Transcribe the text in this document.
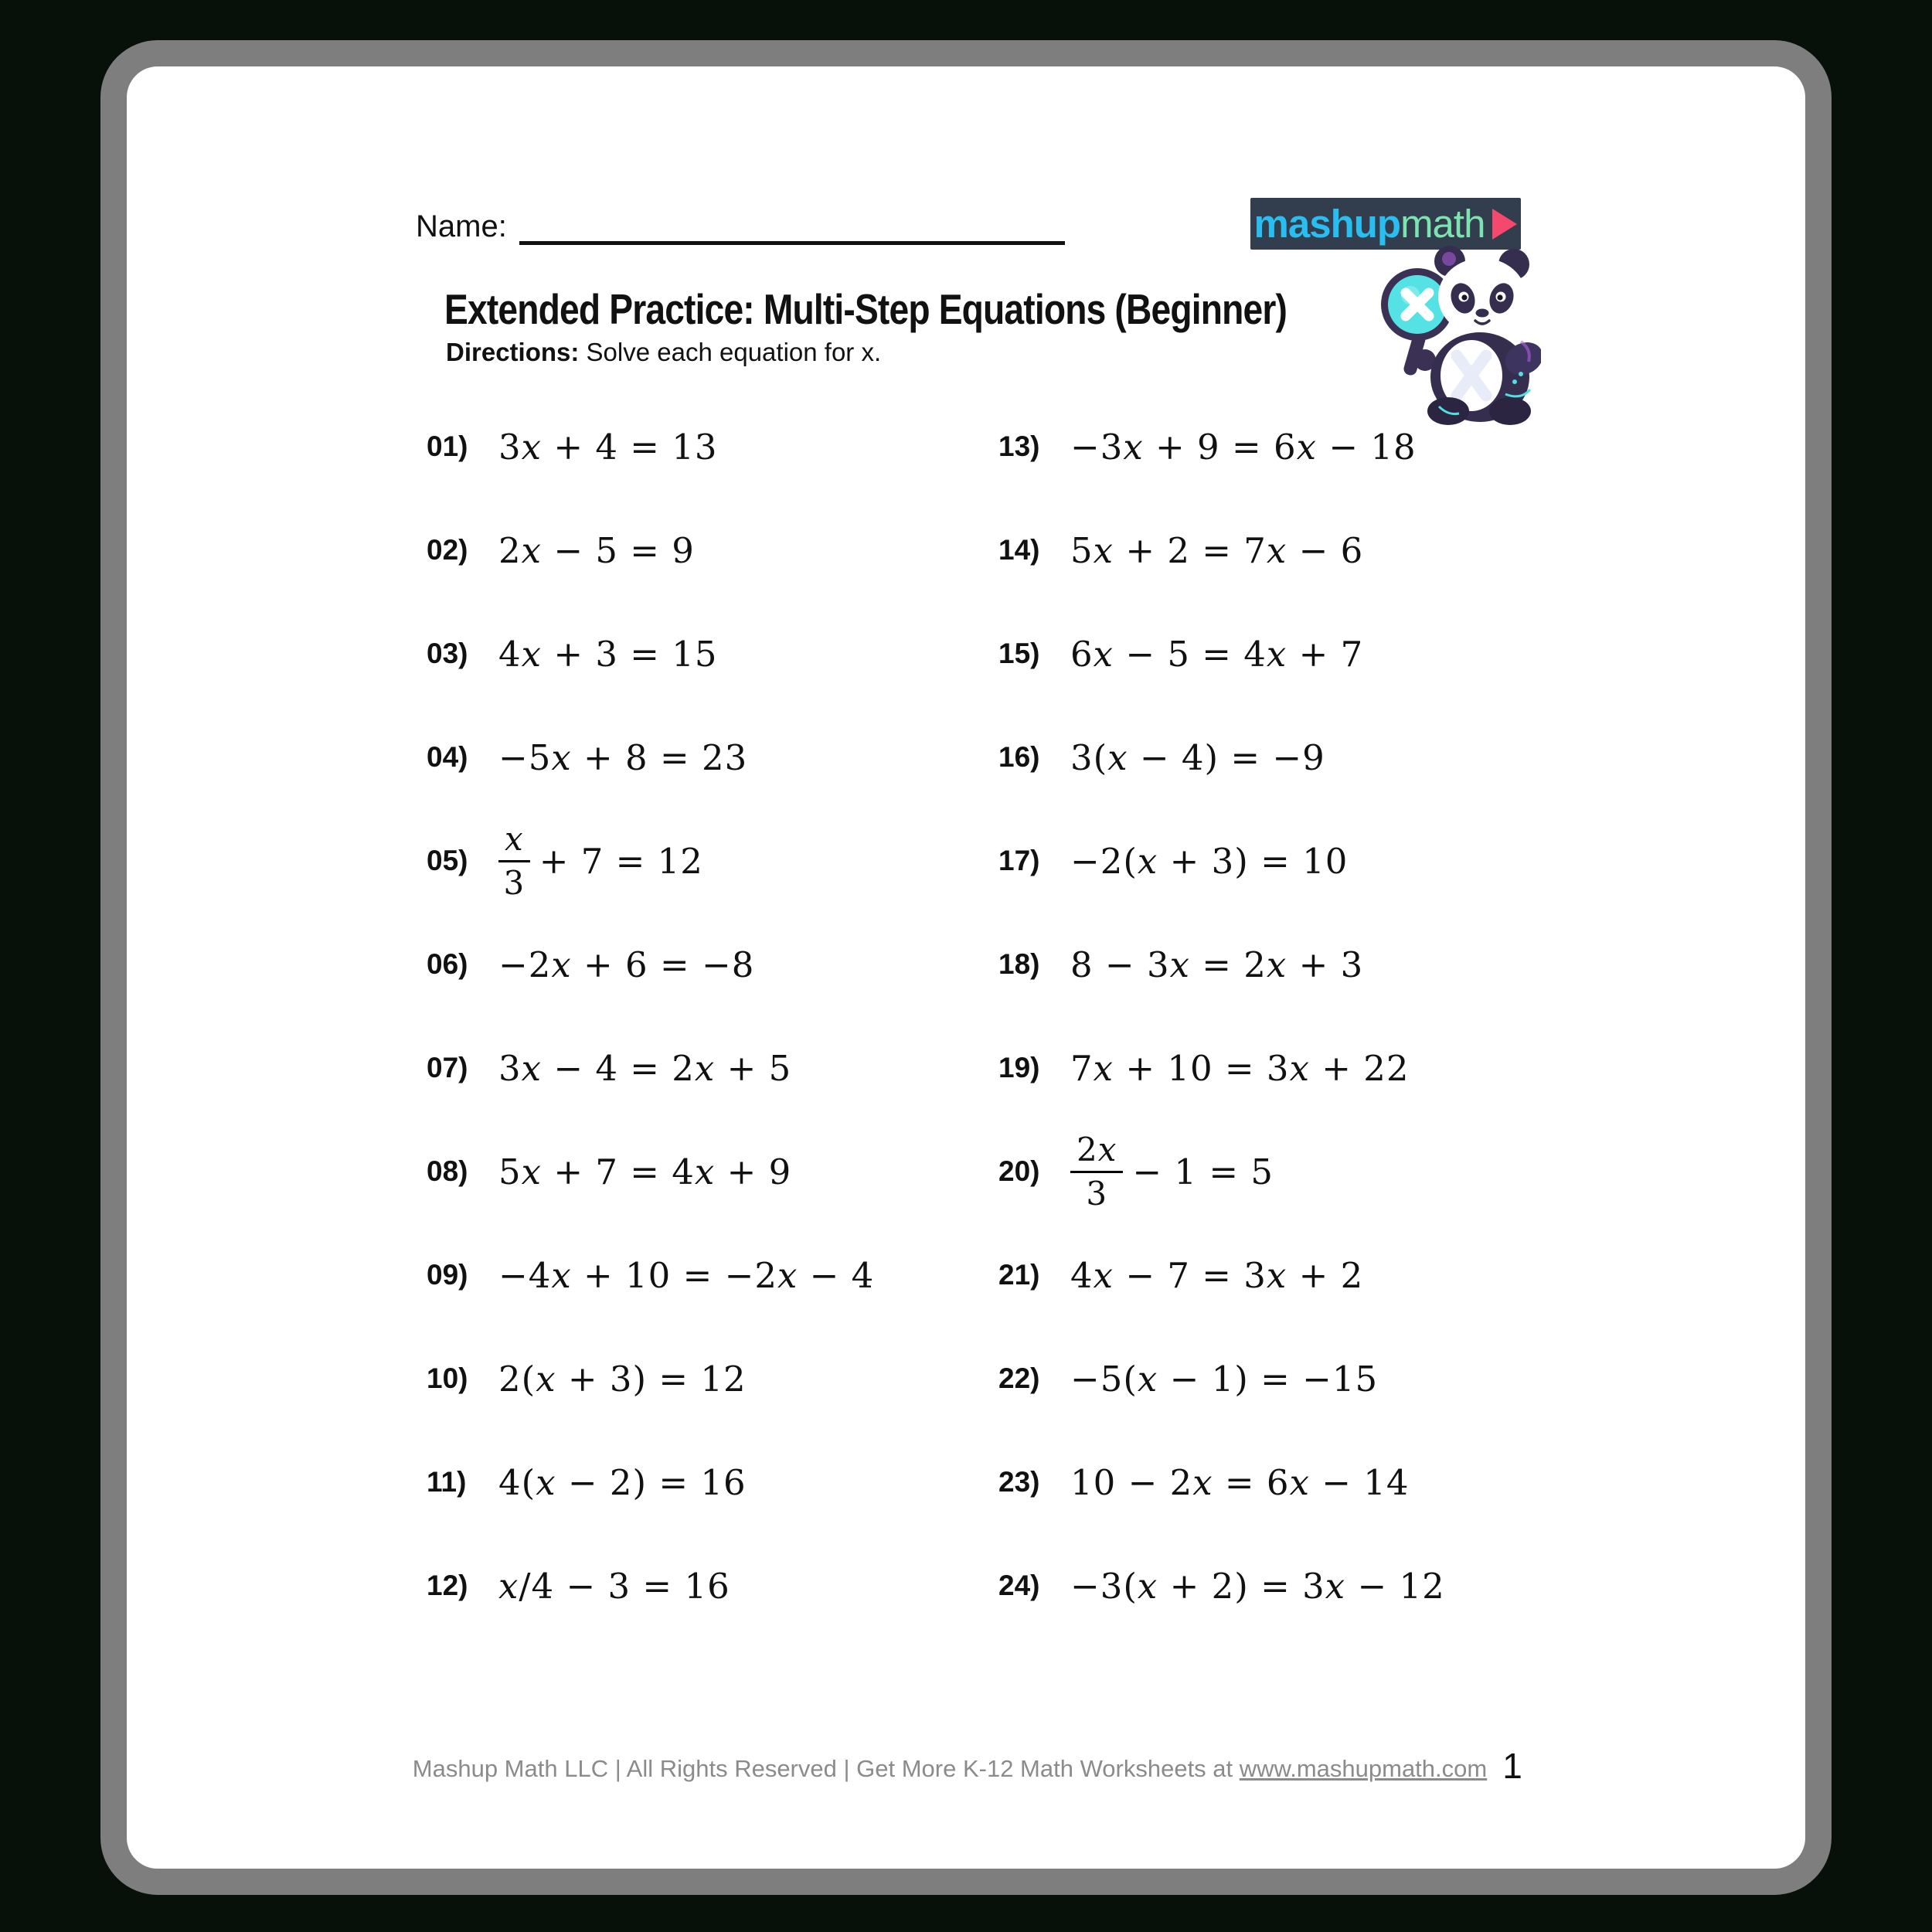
Name:	mashup math
Extended Practice: Multi-Step Equations (Beginner)
Directions: Solve each equation for x.
01) 3x + 4 = 13
02) 2x − 5 = 9
03) 4x + 3 = 15
04) −5x + 8 = 23
$05) \frac{x}{3} + 7 = 12$
06) −2x + 6 = −8
07) 3x − 4 = 2x + 5
08) 5x + 7 = 4x + 9
09) −4x + 10 = −2x − 4
10) 2(x + 3) = 12
11) 4(x − 2) = 16
12) x/4 − 3 = 16
13) −3x + 9 = 6x − 18
14) 5x + 2 = 7x − 6
15) 6x − 5 = 4x + 7
16) 3(x − 4) = −9
17) −2(x + 3) = 10
18) 8 − 3x = 2x + 3
19) 7x + 10 = 3x + 22
$20) \frac{2x}{3} - 1 = 5$
21) 4x − 7 = 3x + 2
22) −5(x − 1) = −15
23) 10 − 2x = 6x − 14
24) −3(x + 2) = 3x − 12
Mashup Math LLC | All Rights Reserved | Get More K-12 Math Worksheets at www.mashupmath.com 1
